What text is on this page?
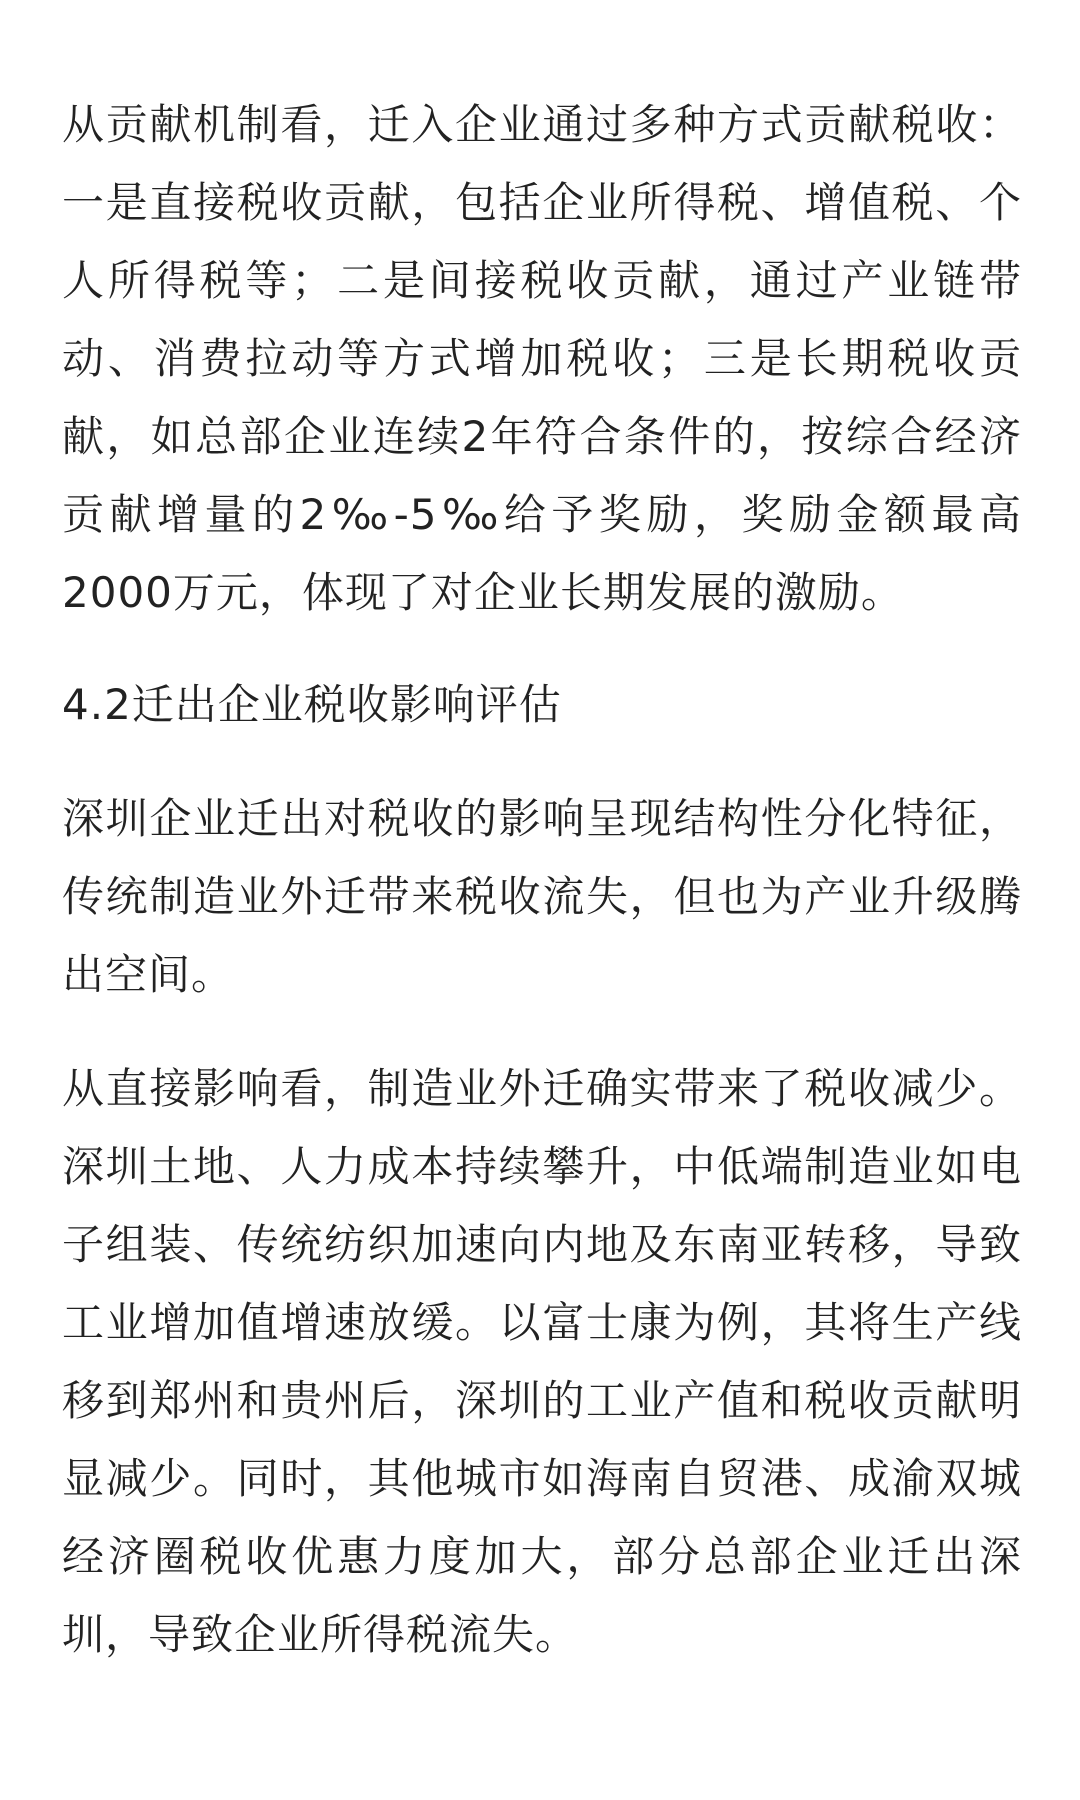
从贡献机制看，迁入企业通过多种方式贡献税收：一是直接税收贡献，包括企业所得税、增值税、个人所得税等；二是间接税收贡献，通过产业链带动、消费拉动等方式增加税收；三是长期税收贡献，如总部企业连续2年符合条件的，按综合经济贡献增量的2‰-5‰给予奖励，奖励金额最高2000万元，体现了对企业长期发展的激励。

4.2迁出企业税收影响评估

深圳企业迁出对税收的影响呈现结构性分化特征，传统制造业外迁带来税收流失，但也为产业升级腾出空间。

从直接影响看，制造业外迁确实带来了税收减少。深圳土地、人力成本持续攀升，中低端制造业如电子组装、传统纺织加速向内地及东南亚转移，导致工业增加值增速放缓。以富士康为例，其将生产线移到郑州和贵州后，深圳的工业产值和税收贡献明显减少。同时，其他城市如海南自贸港、成渝双城经济圈税收优惠力度加大，部分总部企业迁出深圳，导致企业所得税流失。
